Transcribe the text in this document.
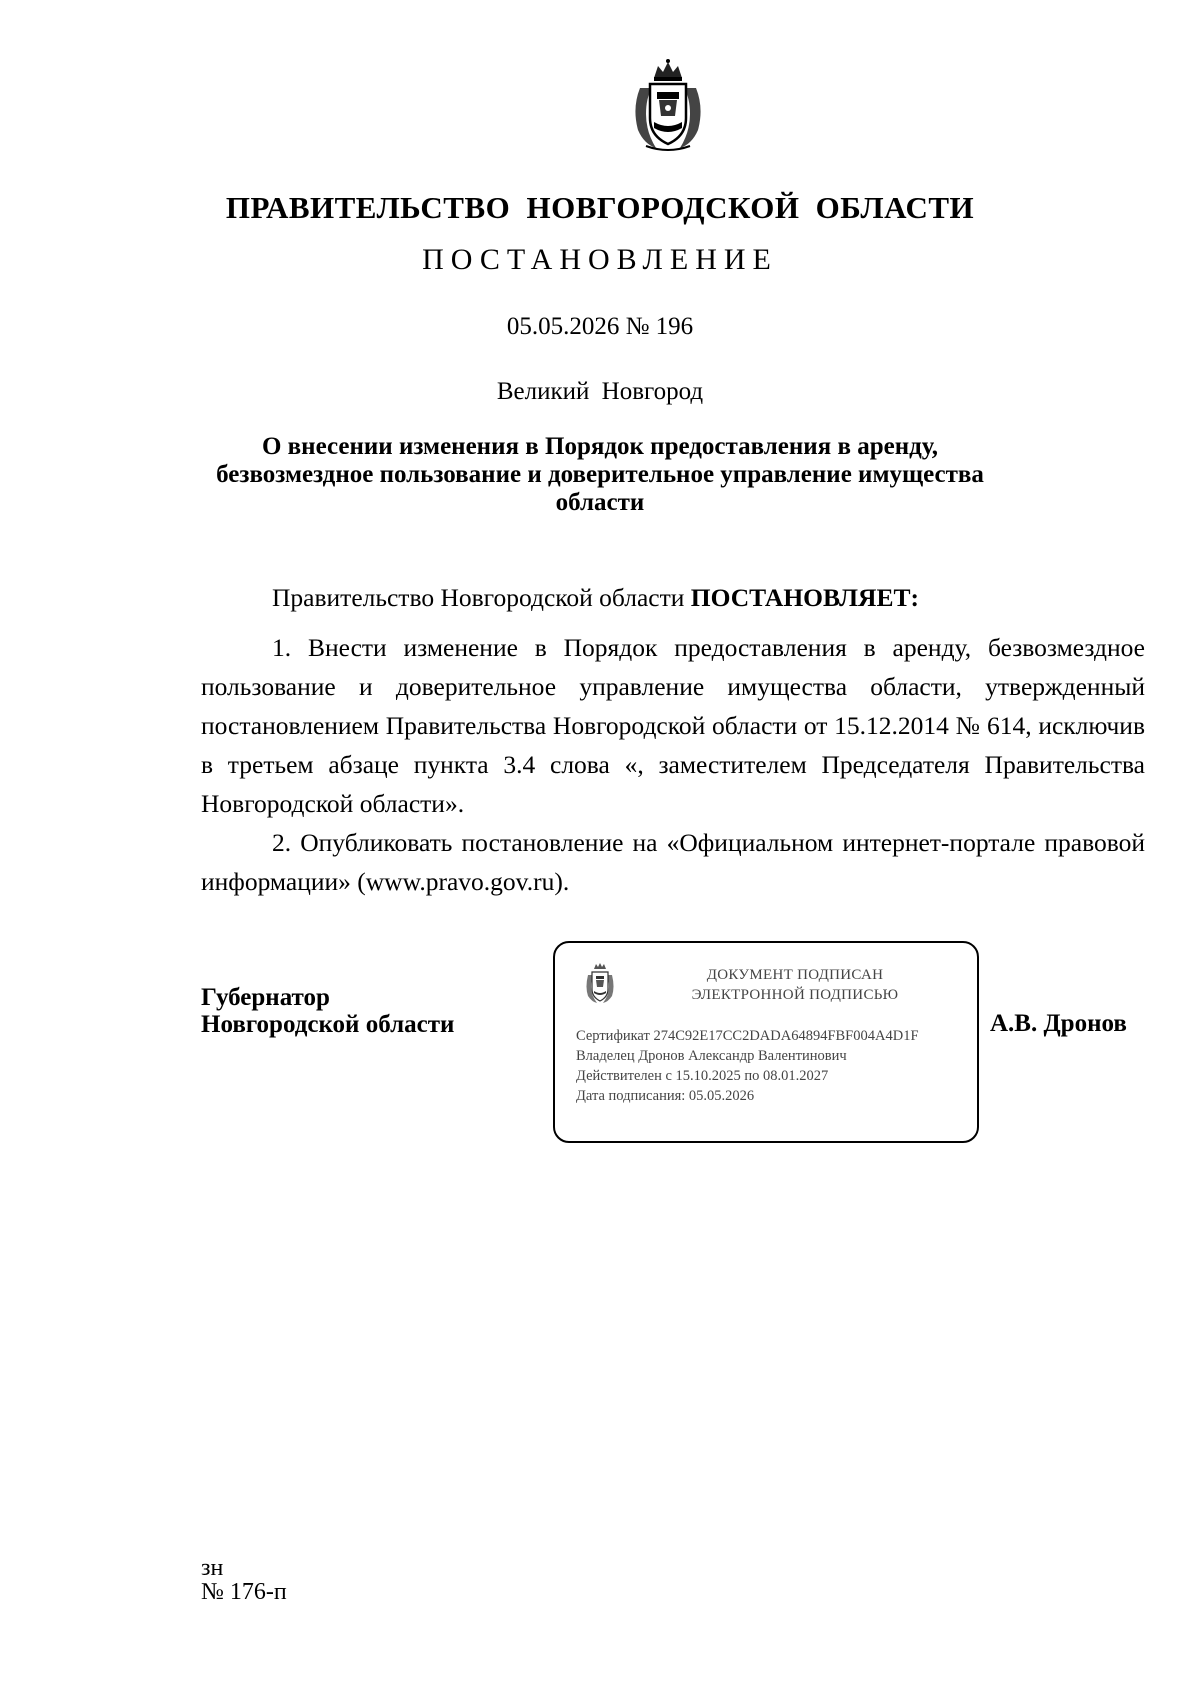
ПРАВИТЕЛЬСТВО НОВГОРОДСКОЙ ОБЛАСТИ
ПОСТАНОВЛЕНИЕ
05.05.2026 № 196
Великий Новгород
О внесении изменения в Порядок предоставления в аренду, безвозмездное пользование и доверительное управление имущества области
Правительство Новгородской области ПОСТАНОВЛЯЕТ:

1. Внести изменение в Порядок предоставления в аренду, безвозмездное пользование и доверительное управление имущества области, утвержденный постановлением Правительства Новгородской области от 15.12.2014 № 614, исключив в третьем абзаце пункта 3.4 слова «, заместителем Председателя Правительства Новгородской области».

2. Опубликовать постановление на «Официальном интернет-портале правовой информации» (www.pravo.gov.ru).

Губернатор
Новгородской области
ДОКУМЕНТ ПОДПИСАН
ЭЛЕКТРОННОЙ ПОДПИСЬЮ
Сертификат 274C92E17CC2DADA64894FBF004A4D1F
Владелец Дронов Александр Валентинович
Действителен с 15.10.2025 по 08.01.2027
Дата подписания: 05.05.2026
А.В. Дронов
зн
№ 176-п
